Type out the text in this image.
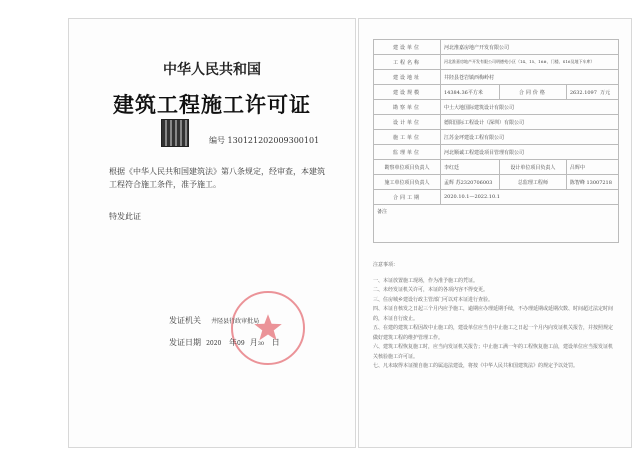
中华人民共和国
建筑工程施工许可证
编号 130121202009300101
根据《中华人民共和国建筑法》第八条规定，经审查，本建筑工程符合施工条件，准予施工。
特发此证
发证机关 井陉县行政审批局
发证日期 2020 年09 月30 日
建设单位	河北淮嘉房地产开发有限公司		
工程名称	河北淮嘉房地产开发有限公司明德苑小区（14、15、16#、门楼、S16及地下车库）		
建设地址	井陉县苍岩镇西梅岭村		
建设规模	14384.36平方米	合同价格	2632.1097 万元
勘察单位	中土大地国际建筑设计有限公司		
设计单位	德阳国际工程设计（深圳）有限公司		
施工单位	江苏金坪建设工程有限公司		
监理单位	河北顺诚工程建设项目管理有限公司		
勘察单位项目负责人	李红廷	设计单位项目负责人	吕辉中
施工单位项目负责人	孟辉 苏2320706003	总监理工程师	陈智峰 13007218
合同工期	2020.10.1—2022.10.1		
备注			
注意事项：
一、本证放置施工现场，作为准予施工的凭证。
二、未经发证机关许可，本证的各项内容不得变更。
三、住房城乡建设行政主管部门可以对本证进行查验。
四、本证自核发之日起三个月内应予施工，逾期应办理延期手续，不办理延期或延期次数、时间超过法定时间的，本证自行废止。
五、在建的建筑工程因故中止施工的，建设单位应当自中止施工之日起一个月内向发证机关报告，并按照规定做好建筑工程的维护管理工作。
六、建筑工程恢复施工时，应当向发证机关报告；中止施工满一年的工程恢复施工前，建设单位应当报发证机关核验施工许可证。
七、凡未取得本证擅自施工的属违法建设，将按《中华人民共和国建筑法》的规定予以处罚。
